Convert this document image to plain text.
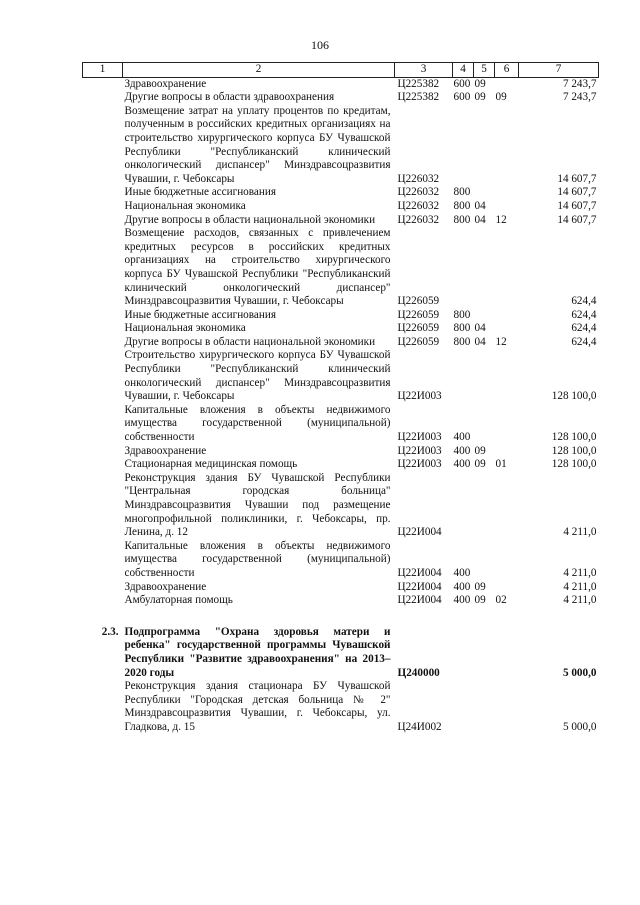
106
1	2	3	4	5	6	7
	Здравоохранение	Ц225382	600	09		7 243,7
	Другие вопросы в области здравоохранения	Ц225382	600	09	09	7 243,7
	Возмещение затрат на уплату процентов по кредитам, полученным в российских кредитных организациях на строительство хирургического корпуса БУ Чувашской Республики "Республиканский клинический онкологический диспансер" Минздравсоцразвития Чувашии, г. Чебоксары	Ц226032				14 607,7
	Иные бюджетные ассигнования	Ц226032	800			14 607,7
	Национальная экономика	Ц226032	800	04		14 607,7
	Другие вопросы в области национальной экономики	Ц226032	800	04	12	14 607,7
	Возмещение расходов, связанных с привлечением кредитных ресурсов в российских кредитных организациях на строительство хирургического корпуса БУ Чувашской Республики "Республиканский клинический онкологический диспансер" Минздравсоцразвития Чувашии, г. Чебоксары	Ц226059				624,4
	Иные бюджетные ассигнования	Ц226059	800			624,4
	Национальная экономика	Ц226059	800	04		624,4
	Другие вопросы в области национальной экономики	Ц226059	800	04	12	624,4
	Строительство хирургического корпуса БУ Чувашской Республики "Республиканский клинический онкологический диспансер" Минздравсоцразвития Чувашии, г. Чебоксары	Ц22И003				128 100,0
	Капитальные вложения в объекты недвижимого имущества государственной (муниципальной) собственности	Ц22И003	400			128 100,0
	Здравоохранение	Ц22И003	400	09		128 100,0
	Стационарная медицинская помощь	Ц22И003	400	09	01	128 100,0
	Реконструкция здания БУ Чувашской Республики "Центральная городская больница" Минздравсоцразвития Чувашии под размещение многопрофильной поликлиники, г. Чебоксары, пр. Ленина, д. 12	Ц22И004				4 211,0
	Капитальные вложения в объекты недвижимого имущества государственной (муниципальной) собственности	Ц22И004	400			4 211,0
	Здравоохранение	Ц22И004	400	09		4 211,0
	Амбулаторная помощь	Ц22И004	400	09	02	4 211,0

2.3.	Подпрограмма "Охрана здоровья матери и ребенка" государственной программы Чувашской Республики "Развитие здравоохранения" на 2013–2020 годы	Ц240000				5 000,0
	Реконструкция здания стационара БУ Чувашской Республики "Городская детская больница № 2" Минздравсоцразвития Чувашии, г. Чебоксары, ул. Гладкова, д. 15	Ц24И002				5 000,0
